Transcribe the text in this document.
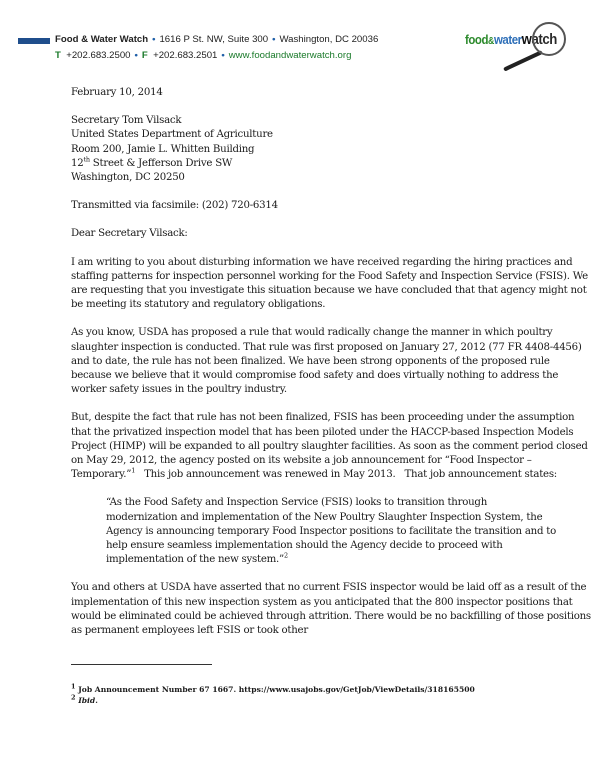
Food & Water Watch • 1616 P St. NW, Suite 300 • Washington, DC 20036
T +202.683.2500 • F +202.683.2501 • www.foodandwaterwatch.org
food&waterwatch

February 10, 2014

Secretary Tom Vilsack

United States Department of Agriculture

Room 200, Jamie L. Whitten Building

12th Street & Jefferson Drive SW

Washington, DC 20250

Transmitted via facsimile: (202) 720-6314

Dear Secretary Vilsack:

I am writing to you about disturbing information we have received regarding the hiring practices and staffing patterns for inspection personnel working for the Food Safety and Inspection Service (FSIS). We are requesting that you investigate this situation because we have concluded that that agency might not be meeting its statutory and regulatory obligations.

As you know, USDA has proposed a rule that would radically change the manner in which poultry slaughter inspection is conducted. That rule was first proposed on January 27, 2012 (77 FR 4408-4456) and to date, the rule has not been finalized. We have been strong opponents of the proposed rule because we believe that it would compromise food safety and does virtually nothing to address the worker safety issues in the poultry industry.

But, despite the fact that rule has not been finalized, FSIS has been proceeding under the assumption that the privatized inspection model that has been piloted under the HACCP-based Inspection Models Project (HIMP) will be expanded to all poultry slaughter facilities. As soon as the comment period closed on May 29, 2012, the agency posted on its website a job announcement for “Food Inspector – Temporary.”$^1$   This job announcement was renewed in May 2013.   That job announcement states:

“As the Food Safety and Inspection Service (FSIS) looks to transition through modernization and implementation of the New Poultry Slaughter Inspection System, the Agency is announcing temporary Food Inspector positions to facilitate the transition and to help ensure seamless implementation should the Agency decide to proceed with implementation of the new system.”$^2$

You and others at USDA have asserted that no current FSIS inspector would be laid off as a result of the implementation of this new inspection system as you anticipated that the 800 inspector positions that would be eliminated could be achieved through attrition. There would be no backfilling of those positions as permanent employees left FSIS or took other

$^1$ Job Announcement Number 67 1667. https://www.usajobs.gov/GetJob/ViewDetails/318165500

$^2$ Ibid.
